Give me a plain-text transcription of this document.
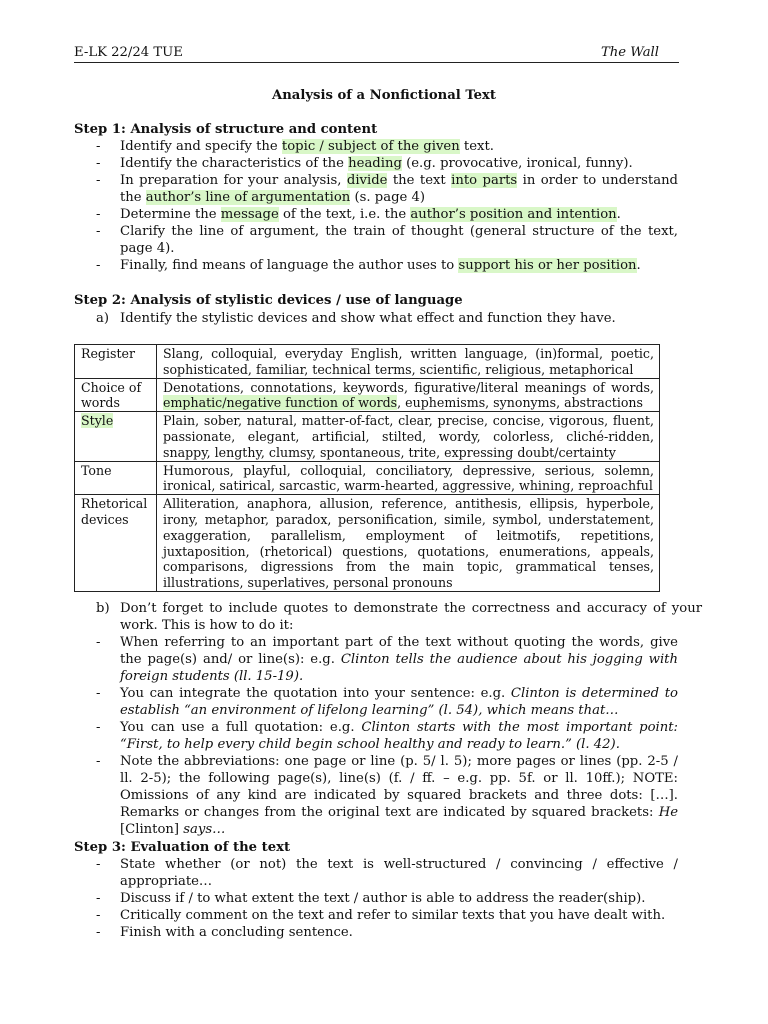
E-LK 22/24 TUE	The Wall
Analysis of a Nonfictional Text
Step 1: Analysis of structure and content
- Identify and specify the topic / subject of the given text.
- Identify the characteristics of the heading (e.g. provocative, ironical, funny).
- In preparation for your analysis, divide the text into parts in order to understand the author’s line of argumentation (s. page 4)
- Determine the message of the text, i.e. the author’s position and intention.
- Clarify the line of argument, the train of thought (general structure of the text, page 4).
- Finally, find means of language the author uses to support his or her position.
Step 2: Analysis of stylistic devices / use of language
a) Identify the stylistic devices and show what effect and function they have.
Register	Slang, colloquial, everyday English, written language, (in)formal, poetic, sophisticated, familiar, technical terms, scientific, religious, metaphorical
Choice of words	Denotations, connotations, keywords, figurative/literal meanings of words, emphatic/negative function of words, euphemisms, synonyms, abstractions
Style	Plain, sober, natural, matter-of-fact, clear, precise, concise, vigorous, fluent, passionate, elegant, artificial, stilted, wordy, colorless, cliché-ridden, snappy, lengthy, clumsy, spontaneous, trite, expressing doubt/certainty
Tone	Humorous, playful, colloquial, conciliatory, depressive, serious, solemn, ironical, satirical, sarcastic, warm-hearted, aggressive, whining, reproachful
Rhetorical devices	Alliteration, anaphora, allusion, reference, antithesis, ellipsis, hyperbole, irony, metaphor, paradox, personification, simile, symbol, understatement, exaggeration, parallelism, employment of leitmotifs, repetitions, juxtaposition, (rhetorical) questions, quotations, enumerations, appeals, comparisons, digressions from the main topic, grammatical tenses, illustrations, superlatives, personal pronouns
b) Don’t forget to include quotes to demonstrate the correctness and accuracy of your work. This is how to do it:
- When referring to an important part of the text without quoting the words, give the page(s) and/ or line(s): e.g. Clinton tells the audience about his jogging with foreign students (ll. 15-19).
- You can integrate the quotation into your sentence: e.g. Clinton is determined to establish “an environment of lifelong learning” (l. 54), which means that…
- You can use a full quotation: e.g. Clinton starts with the most important point: “First, to help every child begin school healthy and ready to learn.” (l. 42).
- Note the abbreviations: one page or line (p. 5/ l. 5); more pages or lines (pp. 2-5 / ll. 2-5); the following page(s), line(s) (f. / ff. – e.g. pp. 5f. or ll. 10ff.); NOTE: Omissions of any kind are indicated by squared brackets and three dots: […]. Remarks or changes from the original text are indicated by squared brackets: He [Clinton] says…
Step 3: Evaluation of the text
- State whether (or not) the text is well-structured / convincing / effective / appropriate…
- Discuss if / to what extent the text / author is able to address the reader(ship).
- Critically comment on the text and refer to similar texts that you have dealt with.
- Finish with a concluding sentence.
